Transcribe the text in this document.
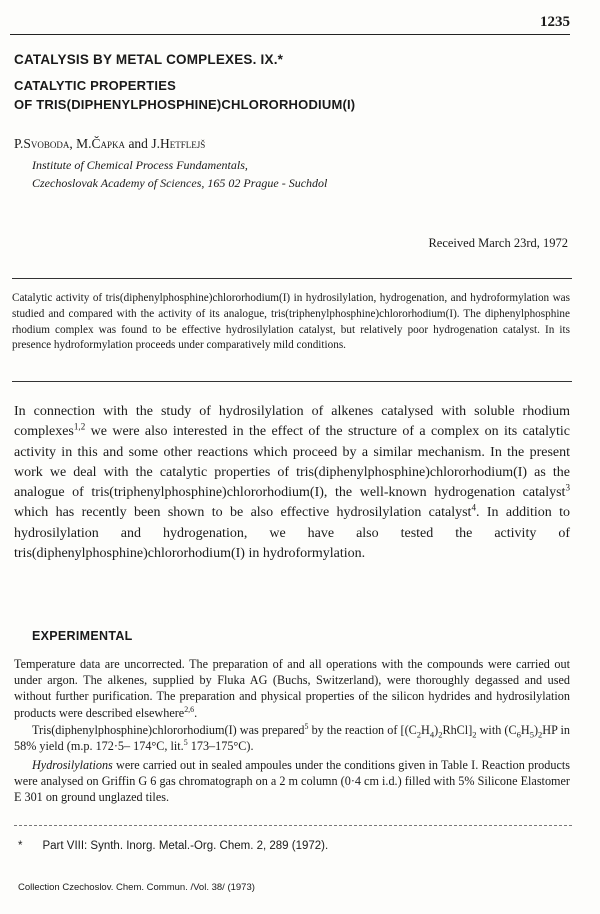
1235
CATALYSIS BY METAL COMPLEXES. IX.*
CATALYTIC PROPERTIES
OF TRIS(DIPHENYLPHOSPHINE)CHLORORHODIUM(I)
P.Svoboda, M.Čapka and J.Hetflejš
Institute of Chemical Process Fundamentals,
Czechoslovak Academy of Sciences, 165 02 Prague - Suchdol
Received March 23rd, 1972
Catalytic activity of tris(diphenylphosphine)chlororhodium(I) in hydrosilylation, hydrogenation, and hydroformylation was studied and compared with the activity of its analogue, tris(triphenylphosphine)chlororhodium(I). The diphenylphosphine rhodium complex was found to be effective hydrosilylation catalyst, but relatively poor hydrogenation catalyst. In its presence hydroformylation proceeds under comparatively mild conditions.
In connection with the study of hydrosilylation of alkenes catalysed with soluble rhodium complexes$^{1,2}$ we were also interested in the effect of the structure of a complex on its catalytic activity in this and some other reactions which proceed by a similar mechanism. In the present work we deal with the catalytic properties of tris(diphenylphosphine)chlororhodium(I) as the analogue of tris(triphenylphosphine)chlororhodium(I), the well-known hydrogenation catalyst$^3$ which has recently been shown to be also effective hydrosilylation catalyst$^4$. In addition to hydrosilylation and hydrogenation, we have also tested the activity of tris(diphenylphosphine)chlororhodium(I) in hydroformylation.
EXPERIMENTAL
Temperature data are uncorrected. The preparation of and all operations with the compounds were carried out under argon. The alkenes, supplied by Fluka AG (Buchs, Switzerland), were thoroughly degassed and used without further purification. The preparation and physical properties of the silicon hydrides and hydrosilylation products were described elsewhere$^{2,6}$.
Tris(diphenylphosphine)chlororhodium(I) was prepared$^5$ by the reaction of $[(C_2H_4)_2RhCl]_2$ with $(C_6H_5)_2HP$ in 58% yield (m.p. 172·5– 174°C, lit.$^5$ 173–175°C).
Hydrosilylations were carried out in sealed ampoules under the conditions given in Table I. Reaction products were analysed on Griffin G 6 gas chromatograph on a 2 m column (0·4 cm i.d.) filled with 5% Silicone Elastomer E 301 on ground unglazed tiles.
* Part VIII: Synth. Inorg. Metal.-Org. Chem. 2, 289 (1972).
Collection Czechoslov. Chem. Commun. /Vol. 38/ (1973)
